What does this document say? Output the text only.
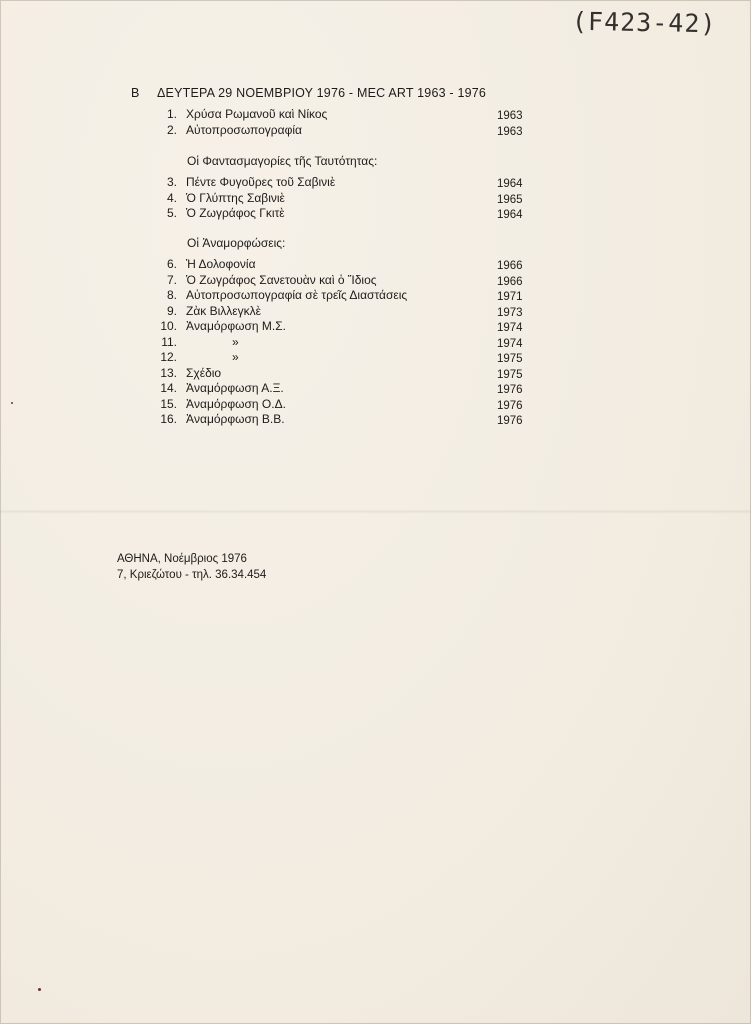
(F423-42)
Β ΔΕΥΤΕΡΑ 29 ΝΟΕΜΒΡΙΟΥ 1976 - MEC ART 1963 - 1976
1. Χρύσα Ρωμανοῦ καὶ Νίκος	1963
2. Αὐτοπροσωπογραφία	1963
Οἱ Φαντασμαγορίες τῆς Ταυτότητας:
3. Πέντε Φυγοῦρες τοῦ Σαβινιὲ	1964
4. Ὁ Γλύπτης Σαβινιὲ	1965
5. Ὁ Ζωγράφος Γκιτὲ	1964
Οἱ Ἀναμορφώσεις:
6. Ἡ Δολοφονία	1966
7. Ὁ Ζωγράφος Σανετουὰν καὶ ὁ Ἴδιος	1966
8. Αὐτοπροσωπογραφία σὲ τρεῖς Διαστάσεις	1971
9. Ζὰκ Βιλλεγκλὲ	1973
10. Ἀναμόρφωση Μ.Σ.	1974
11.	»	1974
12.	»	1975
13. Σχέδιο	1975
14. Ἀναμόρφωση Α.Ξ.	1976
15. Ἀναμόρφωση Ο.Δ.	1976
16. Ἀναμόρφωση Β.Β.	1976
ΑΘΗΝΑ, Νοέμβριος 1976
7, Κριεζώτου - τηλ. 36.34.454
